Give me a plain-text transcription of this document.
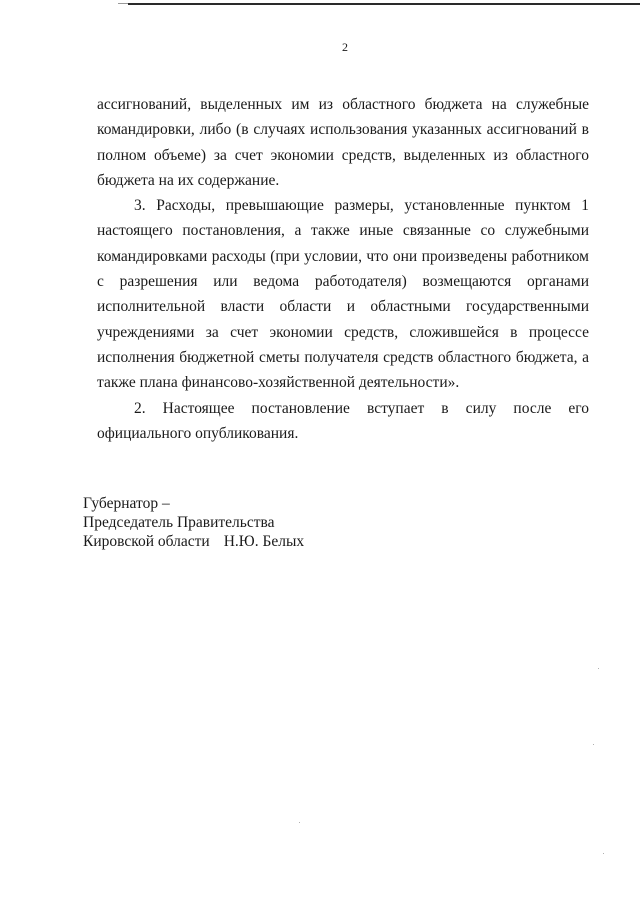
2

ассигнований, выделенных им из областного бюджета на служебные командировки, либо (в случаях использования указанных ассигнований в полном объеме) за счет экономии средств, выделенных из областного бюджета на их содержание.

3. Расходы, превышающие размеры, установленные пунктом 1 настоящего постановления, а также иные связанные со служебными командировками расходы (при условии, что они произведены работником с разрешения или ведома работодателя) возмещаются органами исполнительной власти области и областными государственными учреждениями за счет экономии средств, сложившейся в процессе исполнения бюджетной сметы получателя средств областного бюджета, а также плана финансово-хозяйственной деятельности».

2. Настоящее постановление вступает в силу после его официального опубликования.

Губернатор –
Председатель Правительства
Кировской области Н.Ю. Белых
